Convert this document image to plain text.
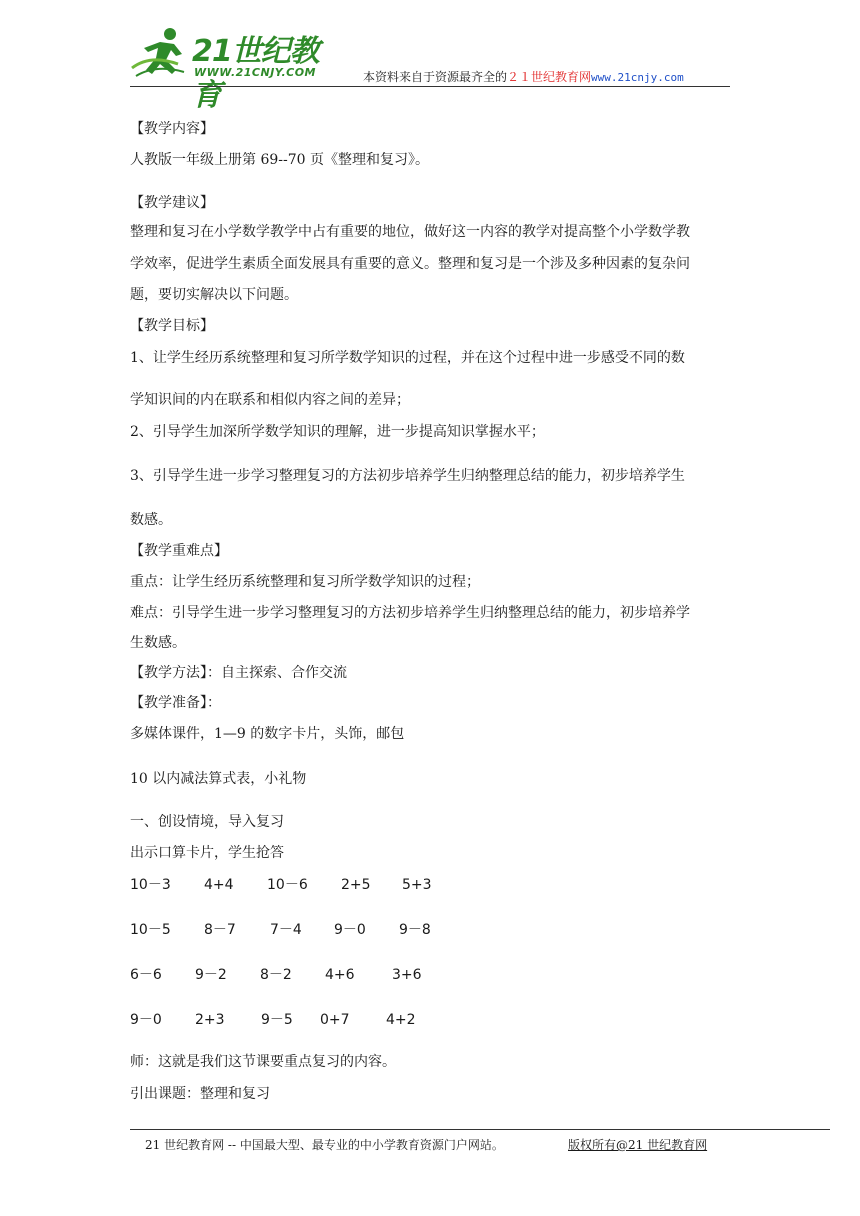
21世纪教育
WWW.21CNJY.COM	本资料来自于资源最齐全的２１世纪教育网www.21cnjy.com
【教学内容】
人教版一年级上册第 69--70 页《整理和复习》。
【教学建议】
整理和复习在小学数学教学中占有重要的地位，做好这一内容的教学对提高整个小学数学教
学效率，促进学生素质全面发展具有重要的意义。整理和复习是一个涉及多种因素的复杂问
题，要切实解决以下问题。
【教学目标】
1、让学生经历系统整理和复习所学数学知识的过程，并在这个过程中进一步感受不同的数
学知识间的内在联系和相似内容之间的差异；
2、引导学生加深所学数学知识的理解，进一步提高知识掌握水平；
3、引导学生进一步学习整理复习的方法初步培养学生归纳整理总结的能力，初步培养学生
数感。
【教学重难点】
重点：让学生经历系统整理和复习所学数学知识的过程；
难点：引导学生进一步学习整理复习的方法初步培养学生归纳整理总结的能力，初步培养学
生数感。
【教学方法】：自主探索、合作交流
【教学准备】：
多媒体课件，1—9 的数字卡片，头饰，邮包
10 以内减法算式表，小礼物
一、创设情境，导入复习
出示口算卡片，学生抢答
10－3 4+4 10－6 2+5 5+3
10－5 8－7 7－4 9－0 9－8
6－6 9－2 8－2 4+6	3+6
9－0 2+3	9－5 0+7	4+2
师：这就是我们这节课要重点复习的内容。
引出课题：整理和复习
21 世纪教育网 -- 中国最大型、最专业的中小学教育资源门户网站。	版权所有@21 世纪教育网
